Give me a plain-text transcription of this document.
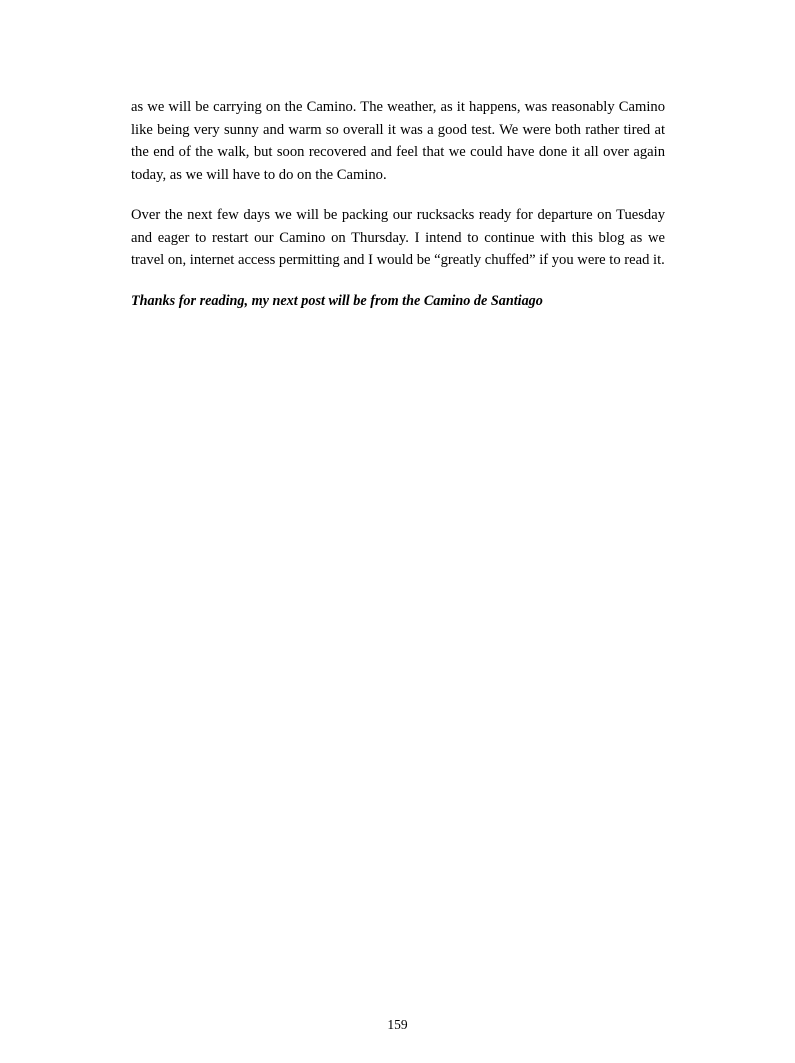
as we will be carrying on the Camino. The weather, as it happens, was reasonably Camino like being very sunny and warm so overall it was a good test. We were both rather tired at the end of the walk, but soon recovered and feel that we could have done it all over again today, as we will have to do on the Camino.

Over the next few days we will be packing our rucksacks ready for departure on Tuesday and eager to restart our Camino on Thursday. I intend to continue with this blog as we travel on, internet access permitting and I would be “greatly chuffed” if you were to read it.

Thanks for reading, my next post will be from the Camino de Santiago

159
